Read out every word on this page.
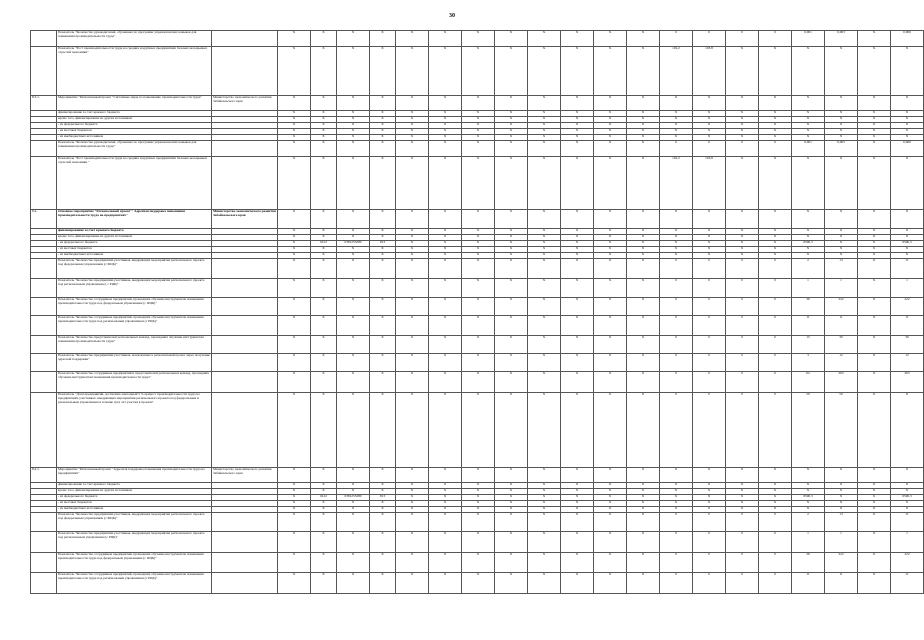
30
	Показатель "Количество руководителей, обученных по программе управленческих навыков для повышения производительности труда"		X	X	X	X	X	X	X	X	X	X	X	X	0	0	0	0	0,001	0,003	X	0,006
	Показатель "Рост производительности труда на средних и крупных предприятиях базовых несырьевых отраслей экономики"		X	X	X	X	X	X	X	X	X	X	X	X	102,2	103,8	X	X	X	X	X	X
8.3.1.	Мероприятие "Региональный проект "Системные меры по повышению производительности труда"	Министерство экономического развития Забайкальского края	X	X	X	X	X	X	X	X	X	X	X	X	X	X	X	X	X	X	X	X
	финансирование за счет краевого бюджета		X	X	X	X	X	X	X	X	X	X	X	X	X	X	X	X	X	X	X	X
	кроме того, финансирование из других источников:		X	X	X	X	X	X	X	X	X	X	X	X	X	X	X	X	X	X	X	X
	- из федерального бюджета		X	X	X	X	X	X	X	X	X	X	X	X	X	X	X	X	X	X	X	X
	- из местных бюджетов		X	X	X	X	X	X	X	X	X	X	X	X	X	X	X	X	X	X	X	X
	- из внебюджетных источников		X	X	X	X	X	X	X	X	X	X	X	X	X	X	X	X	X	X	X	X
	Показатель "Количество руководителей, обученных по программе управленческих навыков для повышения производительности труда"		X	X	X	X	X	X	X	X	X	X	X	X	0	0	0	0	0,001	0,003	X	0,006
	Показатель "Рост производительности труда на средних и крупных предприятиях базовых несырьевых отраслей экономики "		X	X	X	X	X	X	X	X	X	X	X	X	102,2	103,8	X	X	X	X	X	X
8.4.	Основное мероприятие "Региональный проект " Адресная поддержка повышения производительности труда на предприятиях"	Министерство экономического развития Забайкальского края	X	X	X	X	X	X	X	X	X	X	X	X	X	X	X	X	X	X	X	X
	финансирование за счет краевого бюджета		X	X	X	X	X	X	X	X	X	X	X	X	X	X	X	X	X	X	X	X
	кроме того, финансирование из других источников:		X	X	X	X	X	X	X	X	X	X	X	X	X	X	X	X	X	X	X	X
	- из федерального бюджета		X	0412	0381255280	813	X	X	X	X	X	X	X	X	X	X	X	X	6590,3	X	X	6590,3
	- из местных бюджетов		X	X	X	X	X	X	X	X	X	X	X	X	X	X	X	X	X	X	X	X
	- из внебюджетных источников		X	X	X	X	X	X	X	X	X	X	X	X	X	X	X	X	X	X	X	X
	Показатель "Количество предприятий-участников, внедряющих мероприятия регионального проекта под федеральным управлением (с ФЦК)"		X	X	X	X	X	X	X	X	X	X	X	X	0	0	0	0	2	13	X	11
	Показатель "Количество предприятий-участников, внедряющих мероприятия регионального проекта под региональным управлением ( с РЦК)"		X	X	X	X	X	X	X	X	X	X	X	X	0	0	0	0	1	1	X	1
	Показатель "Количество сотрудников предприятий, прошедших обучение инструментам повышения производительности труда под федеральным управлением (с ФЦК)"		X	X	X	X	X	X	X	X	X	X	X	X	0	0	0	0	36	222	X	222
	Показатель "Количество сотрудников предприятий, прошедших обучение инструментам повышения производительности труда под региональным управлением (с РЦК)"		X	X	X	X	X	X	X	X	X	X	X	X	0	0	0	0	11	11	X	11
	Показатель "Количество представителей региональных команд, прошедших обучение инструментам повышения производительности труда"		X	X	X	X	X	X	X	X	X	X	X	X	0	0	0	0	15	30	X	30
	Показатель "Количество предприятий-участников, вовлеченных в региональный проект через получение адресной поддержки"		X	X	X	X	X	X	X	X	X	X	X	X	0	0	0	0	3	12	X	12
	Показатель "Количество сотрудников предприятий и представителей региональных команд, прошедших обучение инструментам повышения производительности труда"		X	X	X	X	X	X	X	X	X	X	X	X	0	0	0	0	62	263	X	263
	Показатель "Доля предприятий, достигших ежегодный 5 % прирост производительности труда на предприятиях-участниках, внедряющих мероприятия регионального проекта под федеральным и региональным управлением в течение трех лет участия в проекте"		X	X	X	X	X	X	X	X	X	X	X	X	0	0	0	0	50	50	X	X
8.4.1.	Мероприятие "Региональный проект "Адресная поддержка повышения производительности труда на предприятиях"	Министерство экономического развития Забайкальского края	X	X	X	X	X	X	X	X	X	X	X	X	X	X	X	X	X	X	X	X
	финансирование за счет краевого бюджета		X	X	X	X	X	X	X	X	X	X	X	X	X	X	X	X	X	X	X	X
	кроме того, финансирование из других источников:		X	X	X	X	X	X	X	X	X	X	X	X	X	X	X	X	X	X	X	X
	- из федерального бюджета		X	0412	0381255280	813	X	X	X	X	X	X	X	X	X	X	X	X	6590,3	X	X	6590,3
	- из местных бюджетов		X	X	X	X	X	X	X	X	X	X	X	X	X	X	X	X	X	X	X	X
	- из внебюджетных источников		X	X	X	X	X	X	X	X	X	X	X	X	X	X	X	X	X	X	X	X
	Показатель "Количество предприятий-участников, внедряющих мероприятия регионального проекта под федеральным управлением (с ФЦК)"		X	X	X	X	X	X	X	X	X	X	X	X	0	0	0	0	2	13	X	11
	Показатель "Количество предприятий-участников, внедряющих мероприятия регионального проекта под региональным управлением (с РЦК)"		X	X	X	X	X	X	X	X	X	X	X	X	0	0	0	0	1	1	X	1
	Показатель "Количество сотрудников предприятий, прошедших обучение инструментам повышения производительности труда под федеральным управлением (с ФЦК)"		X	X	X	X	X	X	X	X	X	X	X	X	0	0	0	0	36	222	X	222
	Показатель "Количество сотрудников предприятий, прошедших обучение инструментам повышения производительности труда под региональным управлением (с РЦК)"		X	X	X	X	X	X	X	X	X	X	X	X	0	0	0	0	11	11	X	11
